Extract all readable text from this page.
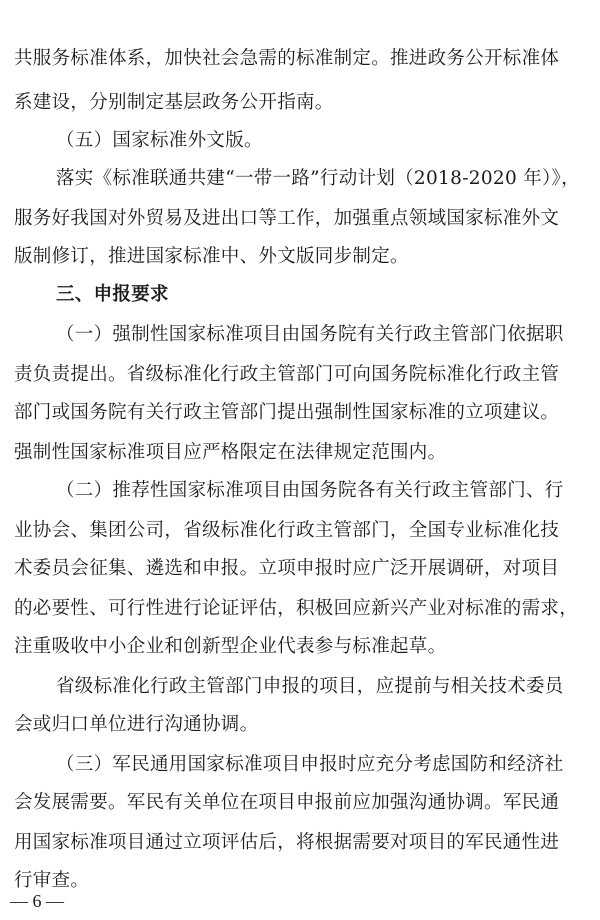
共服务标准体系，加快社会急需的标准制定。推进政务公开标准体
系建设，分别制定基层政务公开指南。
（五）国家标准外文版。
落实《标准联通共建“一带一路”行动计划（2018-2020 年）》，
服务好我国对外贸易及进出口等工作，加强重点领域国家标准外文
版制修订，推进国家标准中、外文版同步制定。
三、申报要求
（一）强制性国家标准项目由国务院有关行政主管部门依据职
责负责提出。省级标准化行政主管部门可向国务院标准化行政主管
部门或国务院有关行政主管部门提出强制性国家标准的立项建议。
强制性国家标准项目应严格限定在法律规定范围内。
（二）推荐性国家标准项目由国务院各有关行政主管部门、行
业协会、集团公司，省级标准化行政主管部门，全国专业标准化技
术委员会征集、遴选和申报。立项申报时应广泛开展调研，对项目
的必要性、可行性进行论证评估，积极回应新兴产业对标准的需求，
注重吸收中小企业和创新型企业代表参与标准起草。
省级标准化行政主管部门申报的项目，应提前与相关技术委员
会或归口单位进行沟通协调。
（三）军民通用国家标准项目申报时应充分考虑国防和经济社
会发展需要。军民有关单位在项目申报前应加强沟通协调。军民通
用国家标准项目通过立项评估后，将根据需要对项目的军民通性进
行审查。
— 6 —
